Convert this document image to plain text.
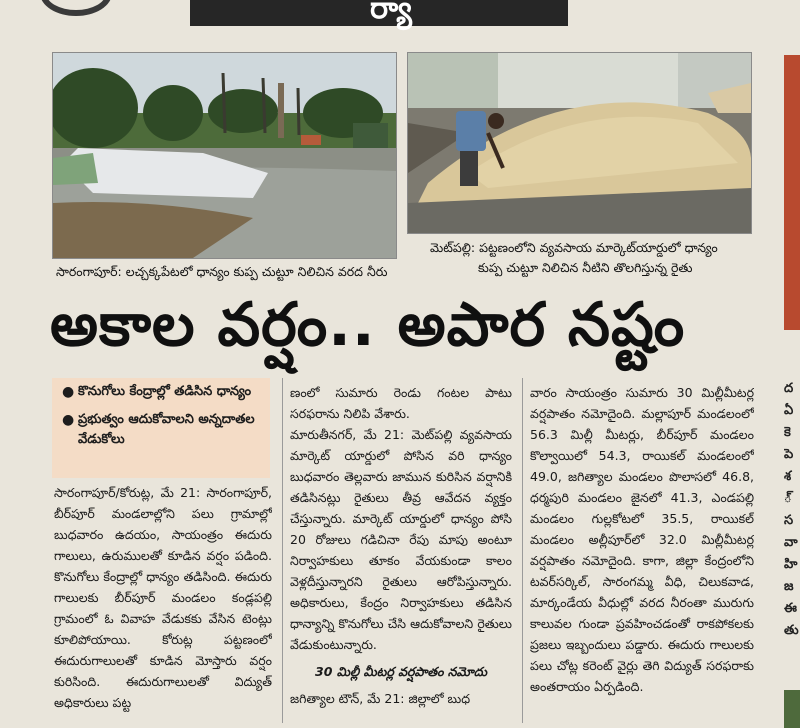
ర్యా
సారంగాపూర్‌: లచ్చక్కపేటలో ధాన్యం కుప్ప చుట్టూ నిలిచిన వరద నీరు
మెట్‌పల్లి: పట్టణంలోని వ్యవసాయ మార్కెట్‌యార్డులో ధాన్యం
కుప్ప చుట్టూ నిలిచిన నీటిని తొలగిస్తున్న రైతు
అకాల వర్షం.. అపార నష్టం
● కొనుగోలు కేంద్రాల్లో తడిసిన ధాన్యం
● ప్రభుత్వం ఆదుకోవాలని అన్నదాతల వేడుకోలు

సారంగాపూర్‌/కోరుట్ల, మే 21: సారంగాపూర్‌, బీర్‌పూర్‌ మండలాల్లోని పలు గ్రామాల్లో బుధవారం ఉదయం, సాయంత్రం ఈదురు గాలులు, ఉరుములతో కూడిన వర్షం పడింది. కొనుగోలు కేంద్రాల్లో ధాన్యం తడిసింది. ఈదురు గాలులకు బీర్‌పూర్‌ మండలం కండ్లపల్లి గ్రామంలో ఓ వివాహ వేడుకకు వేసిన టెంట్లు కూలిపోయాయి. కోరుట్ల పట్టణంలో ఈదురుగాలులతో కూడిన మోస్తారు వర్షం కురిసింది. ఈదురుగాలులతో విద్యుత్‌ అధికారులు పట్ట

ణంలో సుమారు రెండు గంటల పాటు సరఫరాను నిలిపి వేశారు.

మారుతీనగర్‌, మే 21: మెట్‌పల్లి వ్యవసాయ మార్కెట్‌ యార్డులో పోసిన వరి ధాన్యం బుధవారం తెల్లవారు జామున కురిసిన వర్షానికి తడిసినట్లు రైతులు తీవ్ర ఆవేదన వ్యక్తం చేస్తున్నారు. మార్కెట్‌ యార్డులో ధాన్యం పోసి 20 రోజులు గడిచినా రేపు మాపు అంటూ నిర్వాహకులు తూకం వేయకుండా కాలం వెళ్లదీస్తున్నారని రైతులు ఆరోపిస్తున్నారు. అధికారులు, కేంద్రం నిర్వాహకులు తడిసిన ధాన్యాన్ని కొనుగోలు చేసి ఆదుకోవాలని రైతులు వేడుకుంటున్నారు.

30 మిల్లీ మీటర్ల వర్షపాతం నమోదు

జగిత్యాల టౌన్‌, మే 21: జిల్లాలో బుధ

వారం సాయంత్రం సుమారు 30 మిల్లీమీటర్ల వర్షపాతం నమోదైంది. మల్లాపూర్‌ మండలంలో 56.3 మిల్లీ మీటర్లు, బీర్‌పూర్‌ మండలం కొల్వాయిలో 54.3, రాయికల్‌ మండలంలో 49.0, జగిత్యాల మండలం పొలాసలో 46.8, ధర్మపురి మండలం జైనలో 41.3, ఎండపల్లి మండలం గుల్లకోటలో 35.5, రాయికల్‌ మండలం అల్లీపూర్‌లో 32.0 మిల్లీమీటర్ల వర్షపాతం నమోదైంది. కాగా, జిల్లా కేంద్రంలోని టవర్‌సర్కిల్‌, సారంగమ్మ వీధి, చిలుకవాడ, మార్కండేయ వీధుల్లో వరద నీరంతా మురుగు కాలువల గుండా ప్రవహించడంతో రాకపోకలకు ప్రజలు ఇబ్బందులు పడ్డారు. ఈదురు గాలులకు పలు చోట్ల కరెంట్‌ వైర్లు తెగి విద్యుత్‌ సరఫరాకు అంతరాయం ఏర్పడింది.

ద ఏ కె పె శ ్ స వా హి జ ఈ తు
